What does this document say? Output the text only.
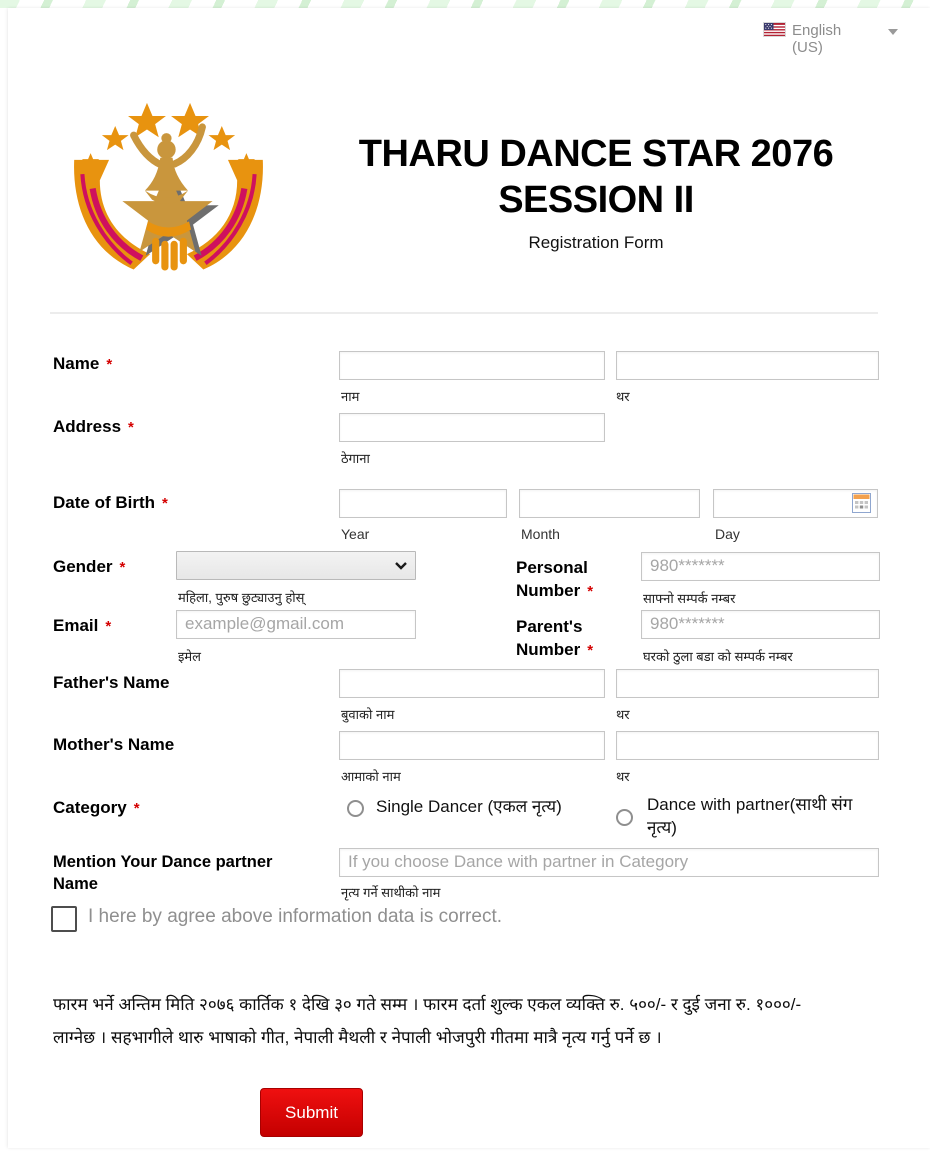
English (US)
THARU DANCE STAR 2076
SESSION II
Registration Form
Name *
नाम	थर
Address *
ठेगाना
Date of Birth *
Year	Month	Day
Gender *
महिला, पुरुष छुट्याउनु होस्
Personal
Number *
980*******	साफ्नो सम्पर्क नम्बर
Email *
example@gmail.com
इमेल
Parent's
Number *
980*******	घरको ठुला बडा को सम्पर्क नम्बर
Father's Name
बुवाको नाम	थर
Mother's Name
आमाको नाम	थर
Category *	Single Dancer (एकल नृत्य)	Dance with partner(साथी संग नृत्य)
Mention Your Dance partner Name
If you choose Dance with partner in Category	नृत्य गर्ने साथीको नाम
I here by agree above information data is correct.
फारम भर्ने अन्तिम मिति २०७६ कार्तिक १ देखि ३० गते सम्म । फारम दर्ता शुल्क एकल व्यक्ति रु. ५००/- र दुई जना रु. १०००/- लाग्नेछ । सहभागीले थारु भाषाको गीत, नेपाली मैथली र नेपाली भोजपुरी गीतमा मात्रै नृत्य गर्नु पर्ने छ ।
Submit
